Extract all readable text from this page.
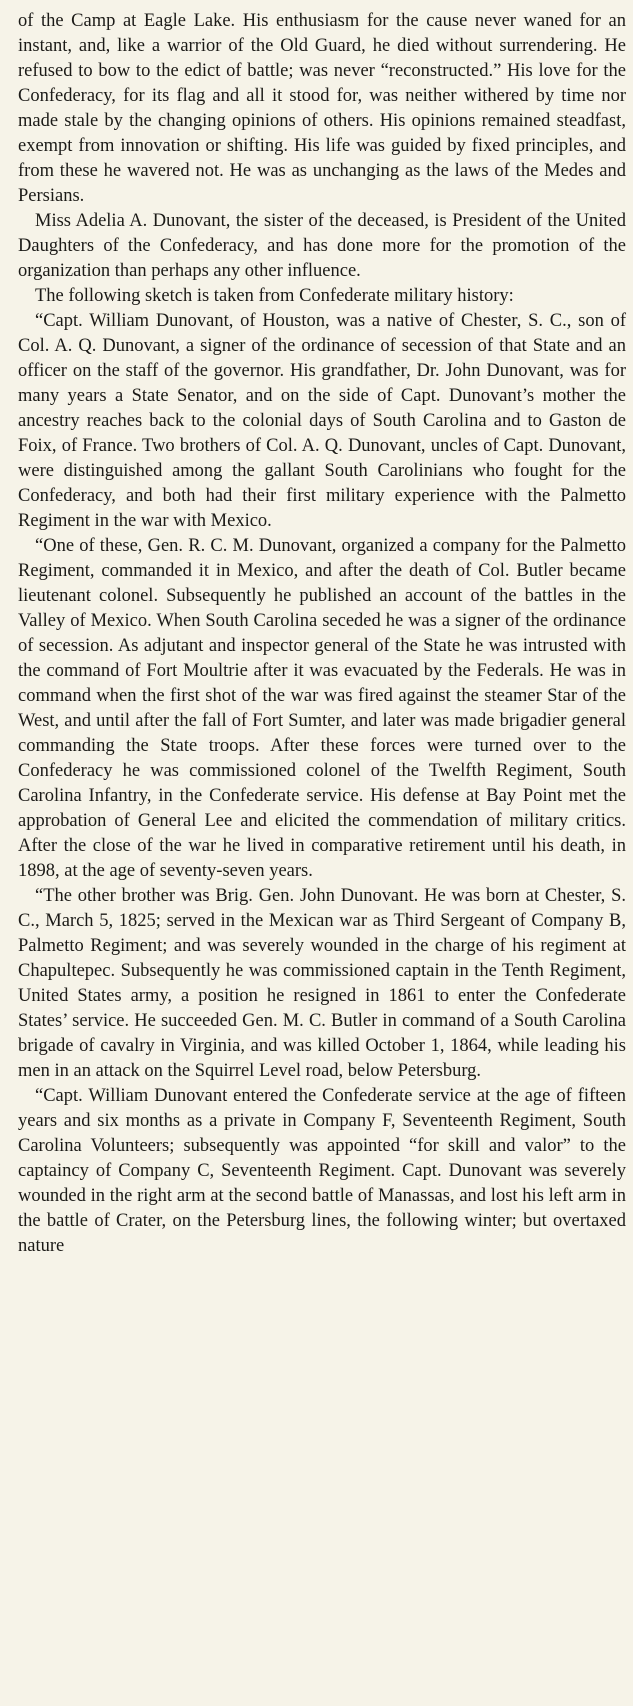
of the Camp at Eagle Lake. His enthusiasm for the cause never waned for an instant, and, like a warrior of the Old Guard, he died without surrendering. He refused to bow to the edict of battle; was never “reconstructed.” His love for the Confederacy, for its flag and all it stood for, was neither withered by time nor made stale by the changing opinions of others. His opinions remained steadfast, exempt from innovation or shifting. His life was guided by fixed principles, and from these he wavered not. He was as unchanging as the laws of the Medes and Persians.

Miss Adelia A. Dunovant, the sister of the deceased, is President of the United Daughters of the Confederacy, and has done more for the promotion of the organization than perhaps any other influence.

The following sketch is taken from Confederate military history:

“Capt. William Dunovant, of Houston, was a native of Chester, S. C., son of Col. A. Q. Dunovant, a signer of the ordinance of secession of that State and an officer on the staff of the governor. His grandfather, Dr. John Dunovant, was for many years a State Senator, and on the side of Capt. Dunovant’s mother the ancestry reaches back to the colonial days of South Carolina and to Gaston de Foix, of France. Two brothers of Col. A. Q. Dunovant, uncles of Capt. Dunovant, were distinguished among the gallant South Carolinians who fought for the Confederacy, and both had their first military experience with the Palmetto Regiment in the war with Mexico.

“One of these, Gen. R. C. M. Dunovant, organized a company for the Palmetto Regiment, commanded it in Mexico, and after the death of Col. Butler became lieutenant colonel. Subsequently he published an account of the battles in the Valley of Mexico. When South Carolina seceded he was a signer of the ordinance of secession. As adjutant and inspector general of the State he was intrusted with the command of Fort Moultrie after it was evacuated by the Federals. He was in command when the first shot of the war was fired against the steamer Star of the West, and until after the fall of Fort Sumter, and later was made brigadier general commanding the State troops. After these forces were turned over to the Confederacy he was commissioned colonel of the Twelfth Regiment, South Carolina Infantry, in the Confederate service. His defense at Bay Point met the approbation of General Lee and elicited the commendation of military critics. After the close of the war he lived in comparative retirement until his death, in 1898, at the age of seventy-seven years.

“The other brother was Brig. Gen. John Dunovant. He was born at Chester, S. C., March 5, 1825; served in the Mexican war as Third Sergeant of Company B, Palmetto Regiment; and was severely wounded in the charge of his regiment at Chapultepec. Subsequently he was commissioned captain in the Tenth Regiment, United States army, a position he resigned in 1861 to enter the Confederate States’ service. He succeeded Gen. M. C. Butler in command of a South Carolina brigade of cavalry in Virginia, and was killed October 1, 1864, while leading his men in an attack on the Squirrel Level road, below Petersburg.

“Capt. William Dunovant entered the Confederate service at the age of fifteen years and six months as a private in Company F, Seventeenth Regiment, South Carolina Volunteers; subsequently was appointed “for skill and valor” to the captaincy of Company C, Seventeenth Regiment. Capt. Dunovant was severely wounded in the right arm at the second battle of Manassas, and lost his left arm in the battle of Crater, on the Petersburg lines, the following winter; but overtaxed nature
